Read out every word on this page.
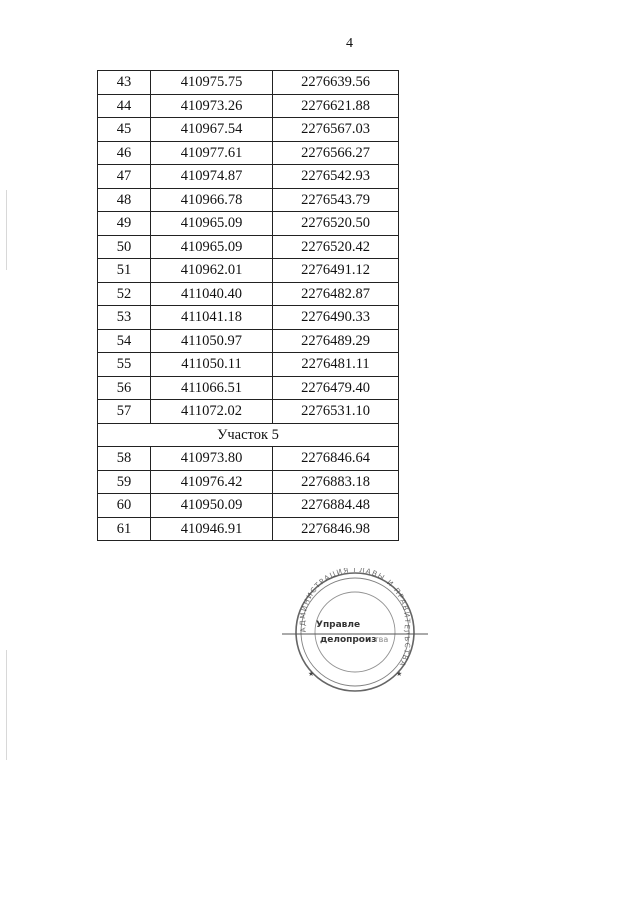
4
43	410975.75	2276639.56
44	410973.26	2276621.88
45	410967.54	2276567.03
46	410977.61	2276566.27
47	410974.87	2276542.93
48	410966.78	2276543.79
49	410965.09	2276520.50
50	410965.09	2276520.42
51	410962.01	2276491.12
52	411040.40	2276482.87
53	411041.18	2276490.33
54	411050.97	2276489.29
55	411050.11	2276481.11
56	411066.51	2276479.40
57	411072.02	2276531.10
Участок 5		
58	410973.80	2276846.64
59	410976.42	2276883.18
60	410950.09	2276884.48
61	410946.91	2276846.98
АДМИНИСТРАЦИЯ ГЛАВЫ И ПРАВИТЕЛЬСТВА
★	★
Управле
делопроиз
тва
